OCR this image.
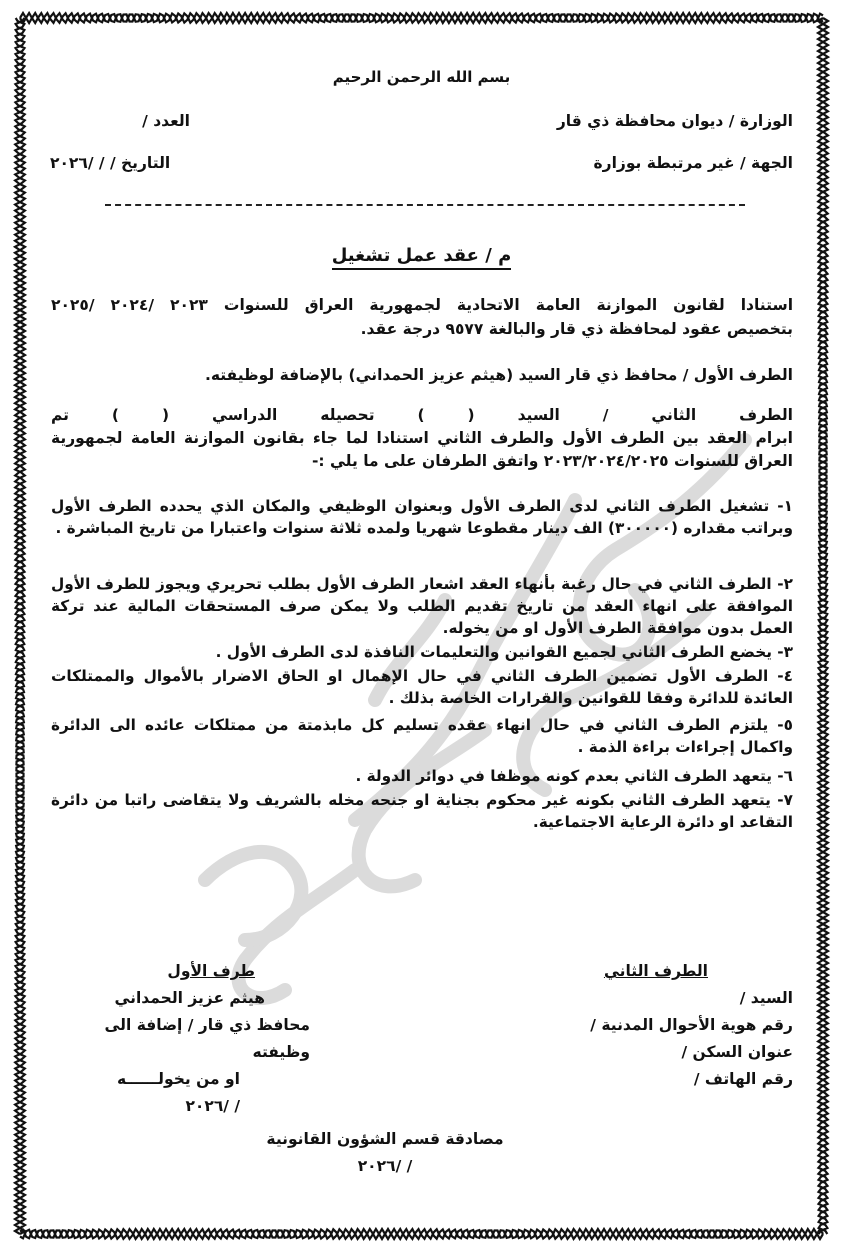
بسم الله الرحمن الرحيم
الوزارة / ديوان محافظة ذي قار
العدد /
الجهة / غير مرتبطة بوزارة
التاريخ / / /٢٠٢٦
م / عقد عمل تشغيل
استنادا لقانون الموازنة العامة الاتحادية لجمهورية العراق للسنوات ٢٠٢٣ /٢٠٢٤ /٢٠٢٥
بتخصيص عقود لمحافظة ذي قار والبالغة ٩٥٧٧ درجة عقد.
الطرف الأول / محافظ ذي قار السيد (هيثم عزيز الحمداني) بالإضافة لوظيفته.
الطرف الثاني / السيد ( ) تحصيله الدراسي ( ) تم
ابرام العقد بين الطرف الأول والطرف الثاني استنادا لما جاء بقانون الموازنة العامة لجمهورية
العراق للسنوات ٢٠٢٣/٢٠٢٤/٢٠٢٥ واتفق الطرفان على ما يلي :-
١- تشغيل الطرف الثاني لدى الطرف الأول وبعنوان الوظيفي والمكان الذي يحدده الطرف الأول وبراتب مقداره (٣٠٠٠٠٠) الف دينار مقطوعا شهريا ولمده ثلاثة سنوات واعتبارا من تاريخ المباشرة .
٢- الطرف الثاني في حال رغبة بأنهاء العقد اشعار الطرف الأول بطلب تحريري ويجوز للطرف الأول الموافقة على انهاء العقد من تاريخ تقديم الطلب ولا يمكن صرف المستحقات المالية عند تركة العمل بدون موافقة الطرف الأول او من يخوله.
٣- يخضع الطرف الثاني لجميع القوانين والتعليمات النافذة لدى الطرف الأول .
٤- الطرف الأول تضمين الطرف الثاني في حال الإهمال او الحاق الاضرار بالأموال والممتلكات العائدة للدائرة وفقا للقوانين والقرارات الخاصة بذلك .
٥- يلتزم الطرف الثاني في حال انهاء عقده تسليم كل مابذمتة من ممتلكات عائده الى الدائرة واكمال إجراءات براءة الذمة .
٦- يتعهد الطرف الثاني بعدم كونه موظفا في دوائر الدولة .
٧- يتعهد الطرف الثاني بكونه غير محكوم بجناية او جنحه مخله بالشريف ولا يتقاضى راتبا من دائرة التقاعد او دائرة الرعاية الاجتماعية.
الطرف الثاني
السيد /
رقم هوية الأحوال المدنية /
عنوان السكن /
رقم الهاتف /
طرف الأول
هيثم عزيز الحمداني
محافظ ذي قار / إضافة الى وظيفته
او من يخولــــــه
/ /٢٠٢٦
مصادقة قسم الشؤون القانونية
/ /٢٠٢٦
